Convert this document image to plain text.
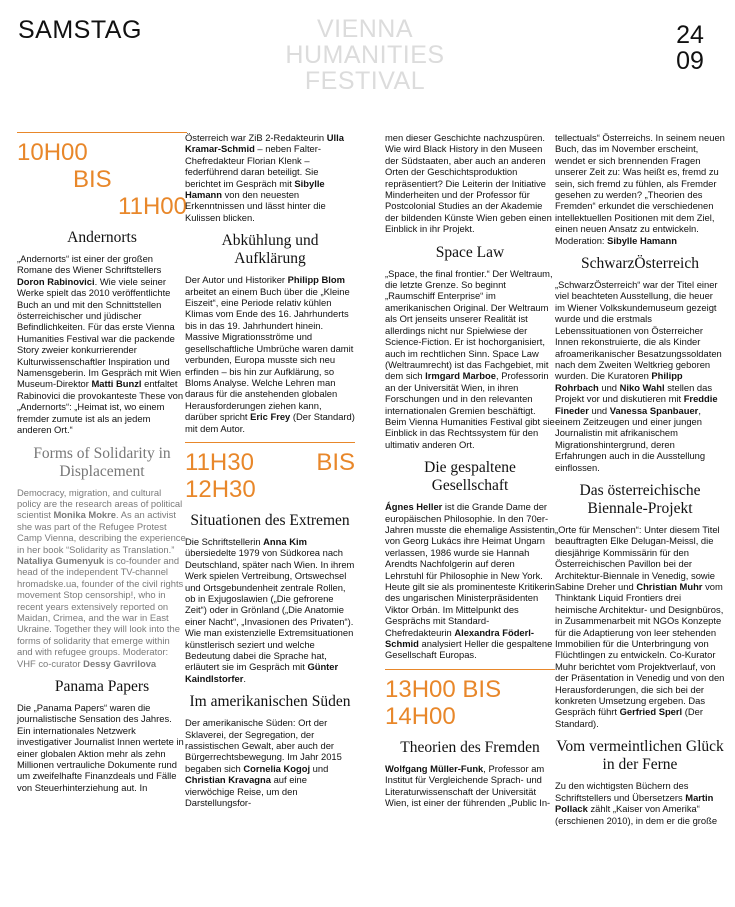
SAMSTAG	VIENNA
HUMANITIES
FESTIVAL
24
09
10H00
BIS
11H00
Andernorts

„Andernorts“ ist einer der großen Romane des Wiener Schriftstellers Doron Rabinovici. Wie viele seiner Werke spielt das 2010 veröffentlichte Buch an und mit den Schnittstellen österreichischer und jüdischer Befindlichkeiten. Für das erste Vienna Humanities Festival war die packende Story zweier konkurrierender Kulturwissenschaftler Inspiration und Namensgeberin. Im Gespräch mit Wien Museum-Direktor Matti Bunzl entfaltet Rabinovici die provokanteste These von „Andernorts“: „Heimat ist, wo einem fremder zumute ist als an jedem anderen Ort.“

Forms of Solidarity in Displacement

Democracy, migration, and cultural policy are the research areas of political scientist Monika Mokre. As an activist she was part of the Refugee Protest Camp Vienna, describing the experience in her book “Solidarity as Translation.” Nataliya Gumenyuk is co-founder and head of the independent TV-channel hromadske.ua, founder of the civil rights movement Stop censorship!, who in recent years extensively reported on Maidan, Crimea, and the war in East Ukraine. Together they will look into the forms of solidarity that emerge within and with refugee groups. Moderator: VHF co-curator Dessy Gavrilova

Panama Papers

Die „Panama Papers“ waren die journalistische Sensation des Jahres. Ein internationales Netzwerk investigativer Journalist Innen wertete in einer globalen Aktion mehr als zehn Millionen vertrauliche Dokumente rund um zweifelhafte Finanzdeals und Fälle von Steuerhinterziehung aut. In

Österreich war ZiB 2-Redakteurin Ulla Kramar-Schmid – neben Falter-Chefredakteur Florian Klenk – federführend daran beteiligt. Sie berichtet im Gespräch mit Sibylle Hamann von den neuesten Erkenntnissen und lässt hinter die Kulissen blicken.

Abkühlung und Aufklärung

Der Autor und Historiker Philipp Blom arbeitet an einem Buch über die „Kleine Eiszeit“, eine Periode relativ kühlen Klimas vom Ende des 16. Jahrhunderts bis in das 19. Jahrhundert hinein. Massive Migrationsströme und gesellschaftliche Umbrüche waren damit verbunden, Europa musste sich neu erfinden – bis hin zur Aufklärung, so Bloms Analyse. Welche Lehren man daraus für die anstehenden globalen Herausforderungen ziehen kann, darüber spricht Eric Frey (Der Standard) mit dem Autor.

11H30	BIS
12H30
Situationen des Extremen

Die Schriftstellerin Anna Kim übersiedelte 1979 von Südkorea nach Deutschland, später nach Wien. In ihrem Werk spielen Vertreibung, Ortswechsel und Ortsgebundenheit zentrale Rollen, ob in Exjugoslawien („Die gefrorene Zeit“) oder in Grönland („Die Anatomie einer Nacht“, „Invasionen des Privaten“). Wie man existenzielle Extremsituationen künstlerisch seziert und welche Bedeutung dabei die Sprache hat, erläutert sie im Gespräch mit Günter Kaindlstorfer.

Im amerikanischen Süden

Der amerikanische Süden: Ort der Sklaverei, der Segregation, der rassistischen Gewalt, aber auch der Bürgerrechtsbewegung. Im Jahr 2015 begaben sich Cornelia Kogoj und Christian Kravagna auf eine vierwöchige Reise, um den Darstellungsfor-

men dieser Geschichte nachzuspüren. Wie wird Black History in den Museen der Südstaaten, aber auch an anderen Orten der Geschichtsproduktion repräsentiert? Die Leiterin der Initiative Minderheiten und der Professor für Postcolonial Studies an der Akademie der bildenden Künste Wien geben einen Einblick in ihr Projekt.

Space Law

„Space, the final frontier.“ Der Weltraum, die letzte Grenze. So beginnt „Raumschiff Enterprise“ im amerikanischen Original. Der Weltraum als Ort jenseits unserer Realität ist allerdings nicht nur Spielwiese der Science-Fiction. Er ist hochorganisiert, auch im rechtlichen Sinn. Space Law (Weltraumrecht) ist das Fachgebiet, mit dem sich Irmgard Marboe, Professorin an der Universität Wien, in ihren Forschungen und in den relevanten internationalen Gremien beschäftigt. Beim Vienna Humanities Festival gibt sie Einblick in das Rechtssystem für den ultimativ anderen Ort.

Die gespaltene Gesellschaft

Ágnes Heller ist die Grande Dame der europäischen Philosophie. In den 70er-Jahren musste die ehemalige Assistentin von Georg Lukács ihre Heimat Ungarn verlassen, 1986 wurde sie Hannah Arendts Nachfolgerin auf deren Lehrstuhl für Philosophie in New York. Heute gilt sie als prominenteste Kritikerin des ungarischen Ministerpräsidenten Viktor Orbán. Im Mittelpunkt des Gesprächs mit Standard-Chefredakteurin Alexandra Föderl-Schmid analysiert Heller die gespaltene Gesellschaft Europas.

13H00 BIS
14H00
Theorien des Fremden

Wolfgang Müller-Funk, Professor am Institut für Vergleichende Sprach- und Literaturwissenschaft der Universität Wien, ist einer der führenden „Public In-

tellectuals“ Österreichs. In seinem neuen Buch, das im November erscheint, wendet er sich brennenden Fragen unserer Zeit zu: Was heißt es, fremd zu sein, sich fremd zu fühlen, als Fremder gesehen zu werden? „Theorien des Fremden“ erkundet die verschiedenen intellektuellen Positionen mit dem Ziel, einen neuen Ansatz zu entwickeln. Moderation: Sibylle Hamann

SchwarzÖsterreich

„SchwarzÖsterreich“ war der Titel einer viel beachteten Ausstellung, die heuer im Wiener Volkskundemuseum gezeigt wurde und die erstmals Lebenssituationen von Österreicher Innen rekonstruierte, die als Kinder afroamerikanischer Besatzungssoldaten nach dem Zweiten Weltkrieg geboren wurden. Die Kuratoren Philipp Rohrbach und Niko Wahl stellen das Projekt vor und diskutieren mit Freddie Fineder und Vanessa Spanbauer, einem Zeitzeugen und einer jungen Journalistin mit afrikanischem Migrationshintergrund, deren Erfahrungen auch in die Ausstellung einflossen.

Das österreichische Biennale-Projekt

„Orte für Menschen“: Unter diesem Titel beauftragten Elke Delugan-Meissl, die diesjährige Kommissärin für den Österreichischen Pavillon bei der Architektur-Biennale in Venedig, sowie Sabine Dreher und Christian Muhr vom Thinktank Liquid Frontiers drei heimische Architektur- und Designbüros, in Zusammenarbeit mit NGOs Konzepte für die Adaptierung von leer stehenden Immobilien für die Unterbringung von Flüchtlingen zu entwickeln. Co-Kurator Muhr berichtet vom Projektverlauf, von der Präsentation in Venedig und von den Herausforderungen, die sich bei der konkreten Umsetzung ergeben. Das Gespräch führt Gerfried Sperl (Der Standard).

Vom vermeintlichen Glück in der Ferne

Zu den wichtigsten Büchern des Schriftstellers und Übersetzers Martin Pollack zählt „Kaiser von Amerika“ (erschienen 2010), in dem er die große
